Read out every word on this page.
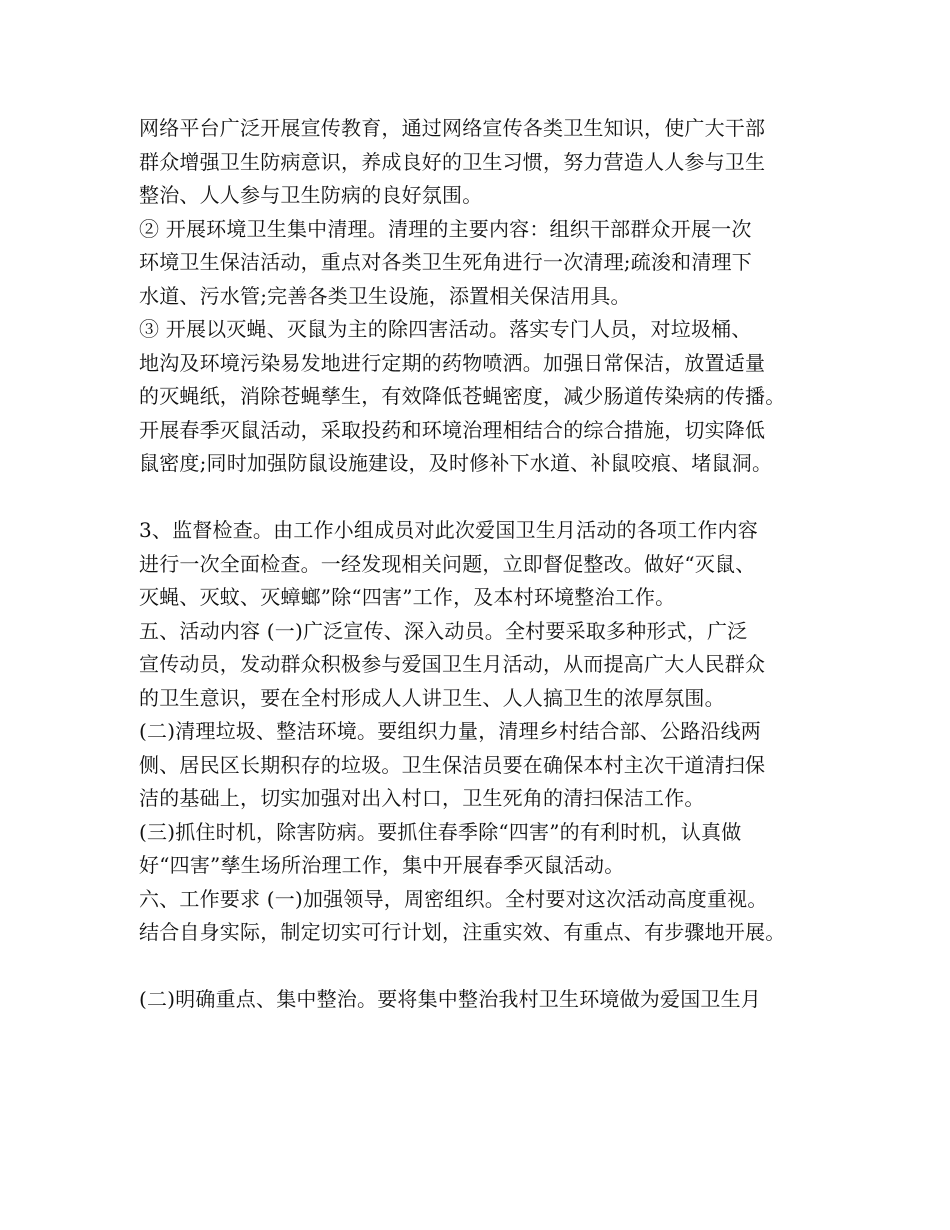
网络平台广泛开展宣传教育，通过网络宣传各类卫生知识，使广大干部
群众增强卫生防病意识，养成良好的卫生习惯，努力营造人人参与卫生
整治、人人参与卫生防病的良好氛围。
② 开展环境卫生集中清理。清理的主要内容：组织干部群众开展一次
环境卫生保洁活动，重点对各类卫生死角进行一次清理;疏浚和清理下
水道、污水管;完善各类卫生设施，添置相关保洁用具。
③ 开展以灭蝇、灭鼠为主的除四害活动。落实专门人员，对垃圾桶、
地沟及环境污染易发地进行定期的药物喷洒。加强日常保洁，放置适量
的灭蝇纸，消除苍蝇孳生，有效降低苍蝇密度，减少肠道传染病的传播。
开展春季灭鼠活动，采取投药和环境治理相结合的综合措施，切实降低
鼠密度;同时加强防鼠设施建设，及时修补下水道、补鼠咬痕、堵鼠洞。
3、监督检查。由工作小组成员对此次爱国卫生月活动的各项工作内容
进行一次全面检查。一经发现相关问题，立即督促整改。做好“灭鼠、
灭蝇、灭蚊、灭蟑螂”除“四害”工作，及本村环境整治工作。
五、活动内容 (一)广泛宣传、深入动员。全村要采取多种形式，广泛
宣传动员，发动群众积极参与爱国卫生月活动，从而提高广大人民群众
的卫生意识，要在全村形成人人讲卫生、人人搞卫生的浓厚氛围。
(二)清理垃圾、整洁环境。要组织力量，清理乡村结合部、公路沿线两
侧、居民区长期积存的垃圾。卫生保洁员要在确保本村主次干道清扫保
洁的基础上，切实加强对出入村口，卫生死角的清扫保洁工作。
(三)抓住时机，除害防病。要抓住春季除“四害”的有利时机，认真做
好“四害”孳生场所治理工作，集中开展春季灭鼠活动。
六、工作要求 (一)加强领导，周密组织。全村要对这次活动高度重视。
结合自身实际，制定切实可行计划，注重实效、有重点、有步骤地开展。
(二)明确重点、集中整治。要将集中整治我村卫生环境做为爱国卫生月
